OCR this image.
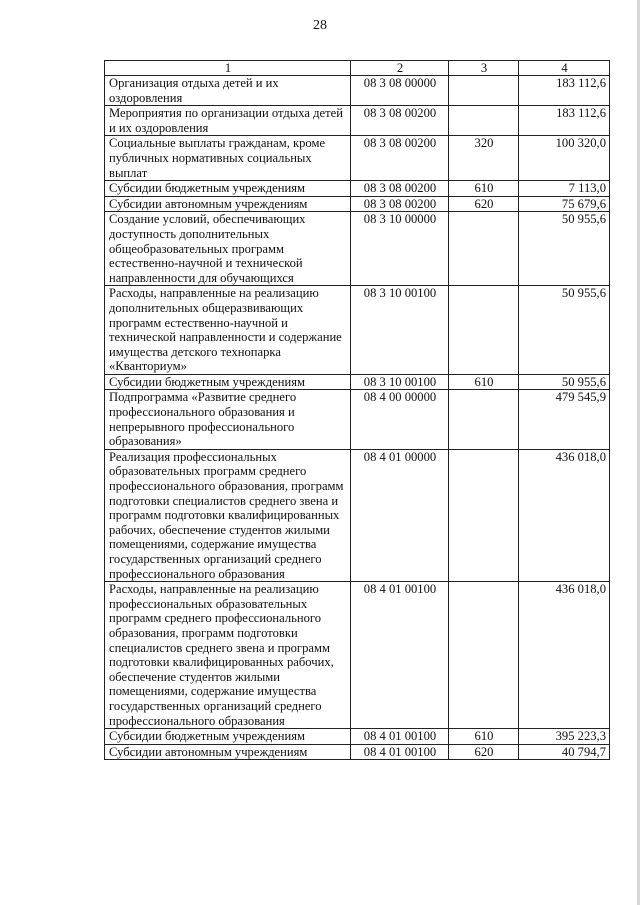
28
1	2	3	4
Организация отдыха детей и их оздоровления	08 3 08 00000		183 112,6
Мероприятия по организации отдыха детей и их оздоровления	08 3 08 00200		183 112,6
Социальные выплаты гражданам, кроме публичных нормативных социальных выплат	08 3 08 00200	320	100 320,0
Субсидии бюджетным учреждениям	08 3 08 00200	610	7 113,0
Субсидии автономным учреждениям	08 3 08 00200	620	75 679,6
Создание условий, обеспечивающих доступность дополнительных общеобразовательных программ естественно-научной и технической направленности для обучающихся	08 3 10 00000		50 955,6
Расходы, направленные на реализацию дополнительных общеразвивающих программ естественно-научной и технической направленности и содержание имущества детского технопарка «Кванториум»	08 3 10 00100		50 955,6
Субсидии бюджетным учреждениям	08 3 10 00100	610	50 955,6
Подпрограмма «Развитие среднего профессионального образования и непрерывного профессионального образования»	08 4 00 00000		479 545,9
Реализация профессиональных образовательных программ среднего профессионального образования, программ подготовки специалистов среднего звена и программ подготовки квалифицированных рабочих, обеспечение студентов жилыми помещениями, содержание имущества государственных организаций среднего профессионального образования	08 4 01 00000		436 018,0
Расходы, направленные на реализацию профессиональных образовательных программ среднего профессионального образования, программ подготовки специалистов среднего звена и программ подготовки квалифицированных рабочих, обеспечение студентов жилыми помещениями, содержание имущества государственных организаций среднего профессионального образования	08 4 01 00100		436 018,0
Субсидии бюджетным учреждениям	08 4 01 00100	610	395 223,3
Субсидии автономным учреждениям	08 4 01 00100	620	40 794,7
